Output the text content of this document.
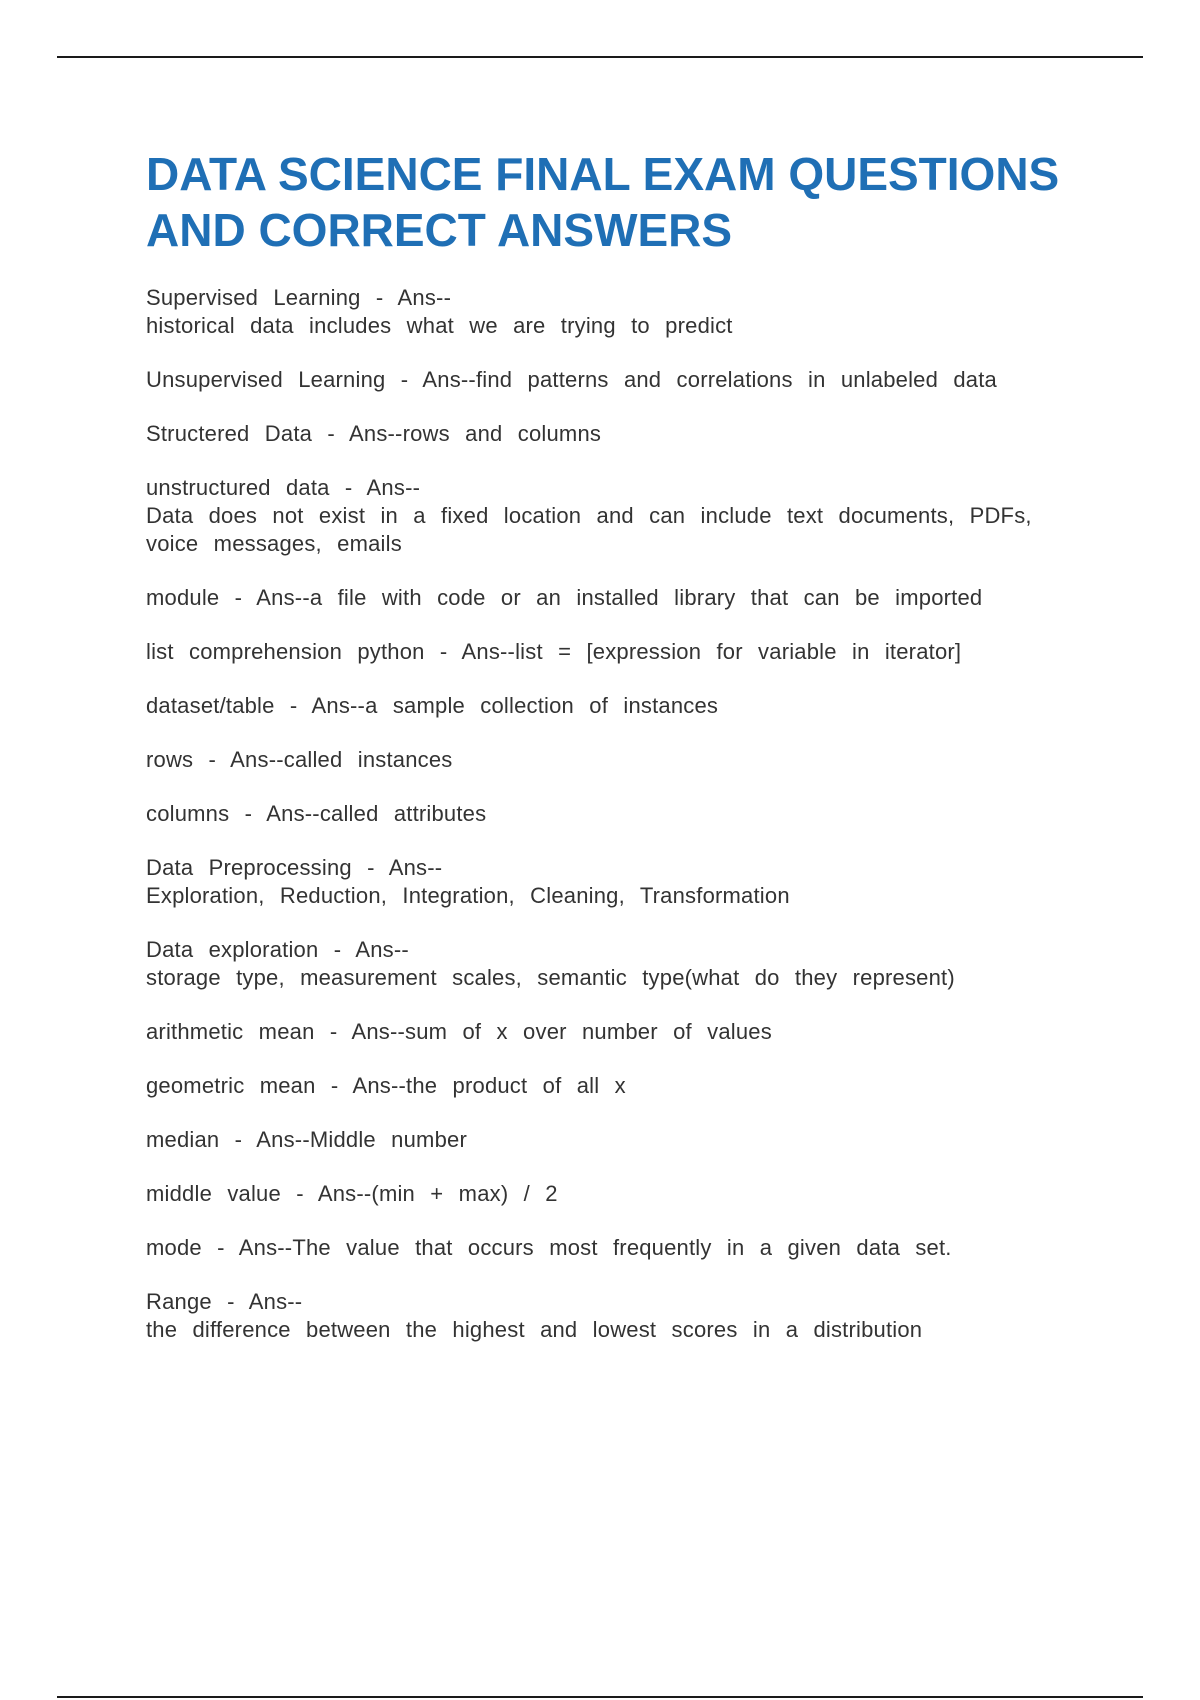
DATA SCIENCE FINAL EXAM QUESTIONS AND CORRECT ANSWERS
Supervised Learning - Ans--
historical data includes what we are trying to predict
Unsupervised Learning - Ans--find patterns and correlations in unlabeled data
Structered Data - Ans--rows and columns
unstructured data - Ans--
Data does not exist in a fixed location and can include text documents, PDFs, voice messages, emails
module - Ans--a file with code or an installed library that can be imported
list comprehension python - Ans--list = [expression for variable in iterator]
dataset/table - Ans--a sample collection of instances
rows - Ans--called instances
columns - Ans--called attributes
Data Preprocessing - Ans--
Exploration, Reduction, Integration, Cleaning, Transformation
Data exploration - Ans--
storage type, measurement scales, semantic type(what do they represent)
arithmetic mean - Ans--sum of x over number of values
geometric mean - Ans--the product of all x
median - Ans--Middle number
middle value - Ans--(min + max) / 2
mode - Ans--The value that occurs most frequently in a given data set.
Range - Ans--
the difference between the highest and lowest scores in a distribution
